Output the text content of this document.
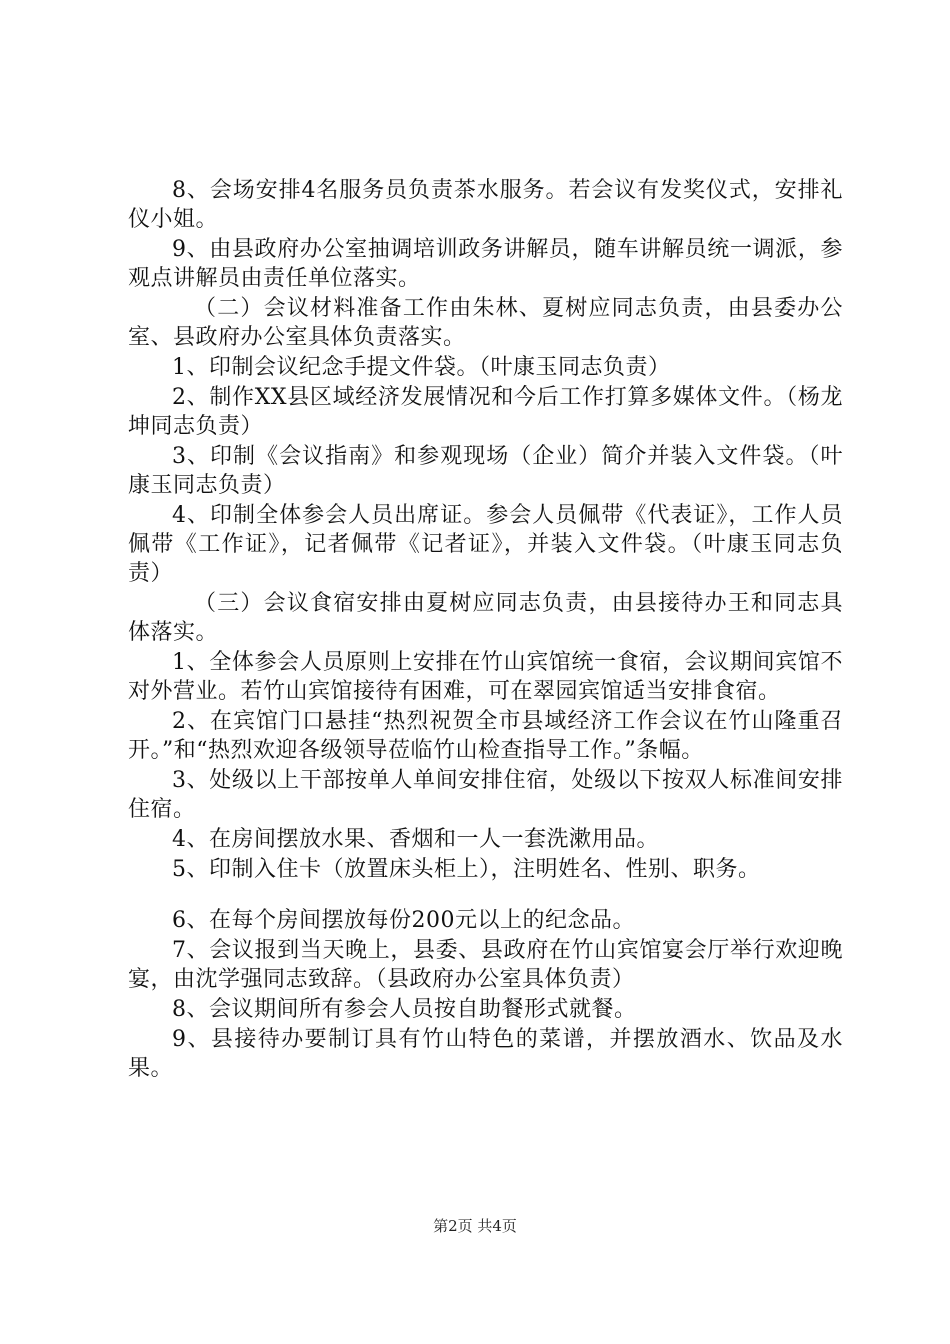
8、会场安排4名服务员负责茶水服务。若会议有发奖仪式，安排礼仪小姐。

9、由县政府办公室抽调培训政务讲解员，随车讲解员统一调派，参观点讲解员由责任单位落实。

（二）会议材料准备工作由朱林、夏树应同志负责，由县委办公室、县政府办公室具体负责落实。

1、印制会议纪念手提文件袋。（叶康玉同志负责）

2、制作XX县区域经济发展情况和今后工作打算多媒体文件。（杨龙坤同志负责）

3、印制《会议指南》和参观现场（企业）简介并装入文件袋。（叶康玉同志负责）

4、印制全体参会人员出席证。参会人员佩带《代表证》，工作人员佩带《工作证》，记者佩带《记者证》，并装入文件袋。（叶康玉同志负责）

（三）会议食宿安排由夏树应同志负责，由县接待办王和同志具体落实。

1、全体参会人员原则上安排在竹山宾馆统一食宿，会议期间宾馆不对外营业。若竹山宾馆接待有困难，可在翠园宾馆适当安排食宿。

2、在宾馆门口悬挂“热烈祝贺全市县域经济工作会议在竹山隆重召开。”和“热烈欢迎各级领导莅临竹山检查指导工作。”条幅。

3、处级以上干部按单人单间安排住宿，处级以下按双人标准间安排住宿。

4、在房间摆放水果、香烟和一人一套洗漱用品。

5、印制入住卡（放置床头柜上），注明姓名、性别、职务。

6、在每个房间摆放每份200元以上的纪念品。

7、会议报到当天晚上，县委、县政府在竹山宾馆宴会厅举行欢迎晚宴，由沈学强同志致辞。（县政府办公室具体负责）

8、会议期间所有参会人员按自助餐形式就餐。

9、县接待办要制订具有竹山特色的菜谱，并摆放酒水、饮品及水果。

第2页 共4页
